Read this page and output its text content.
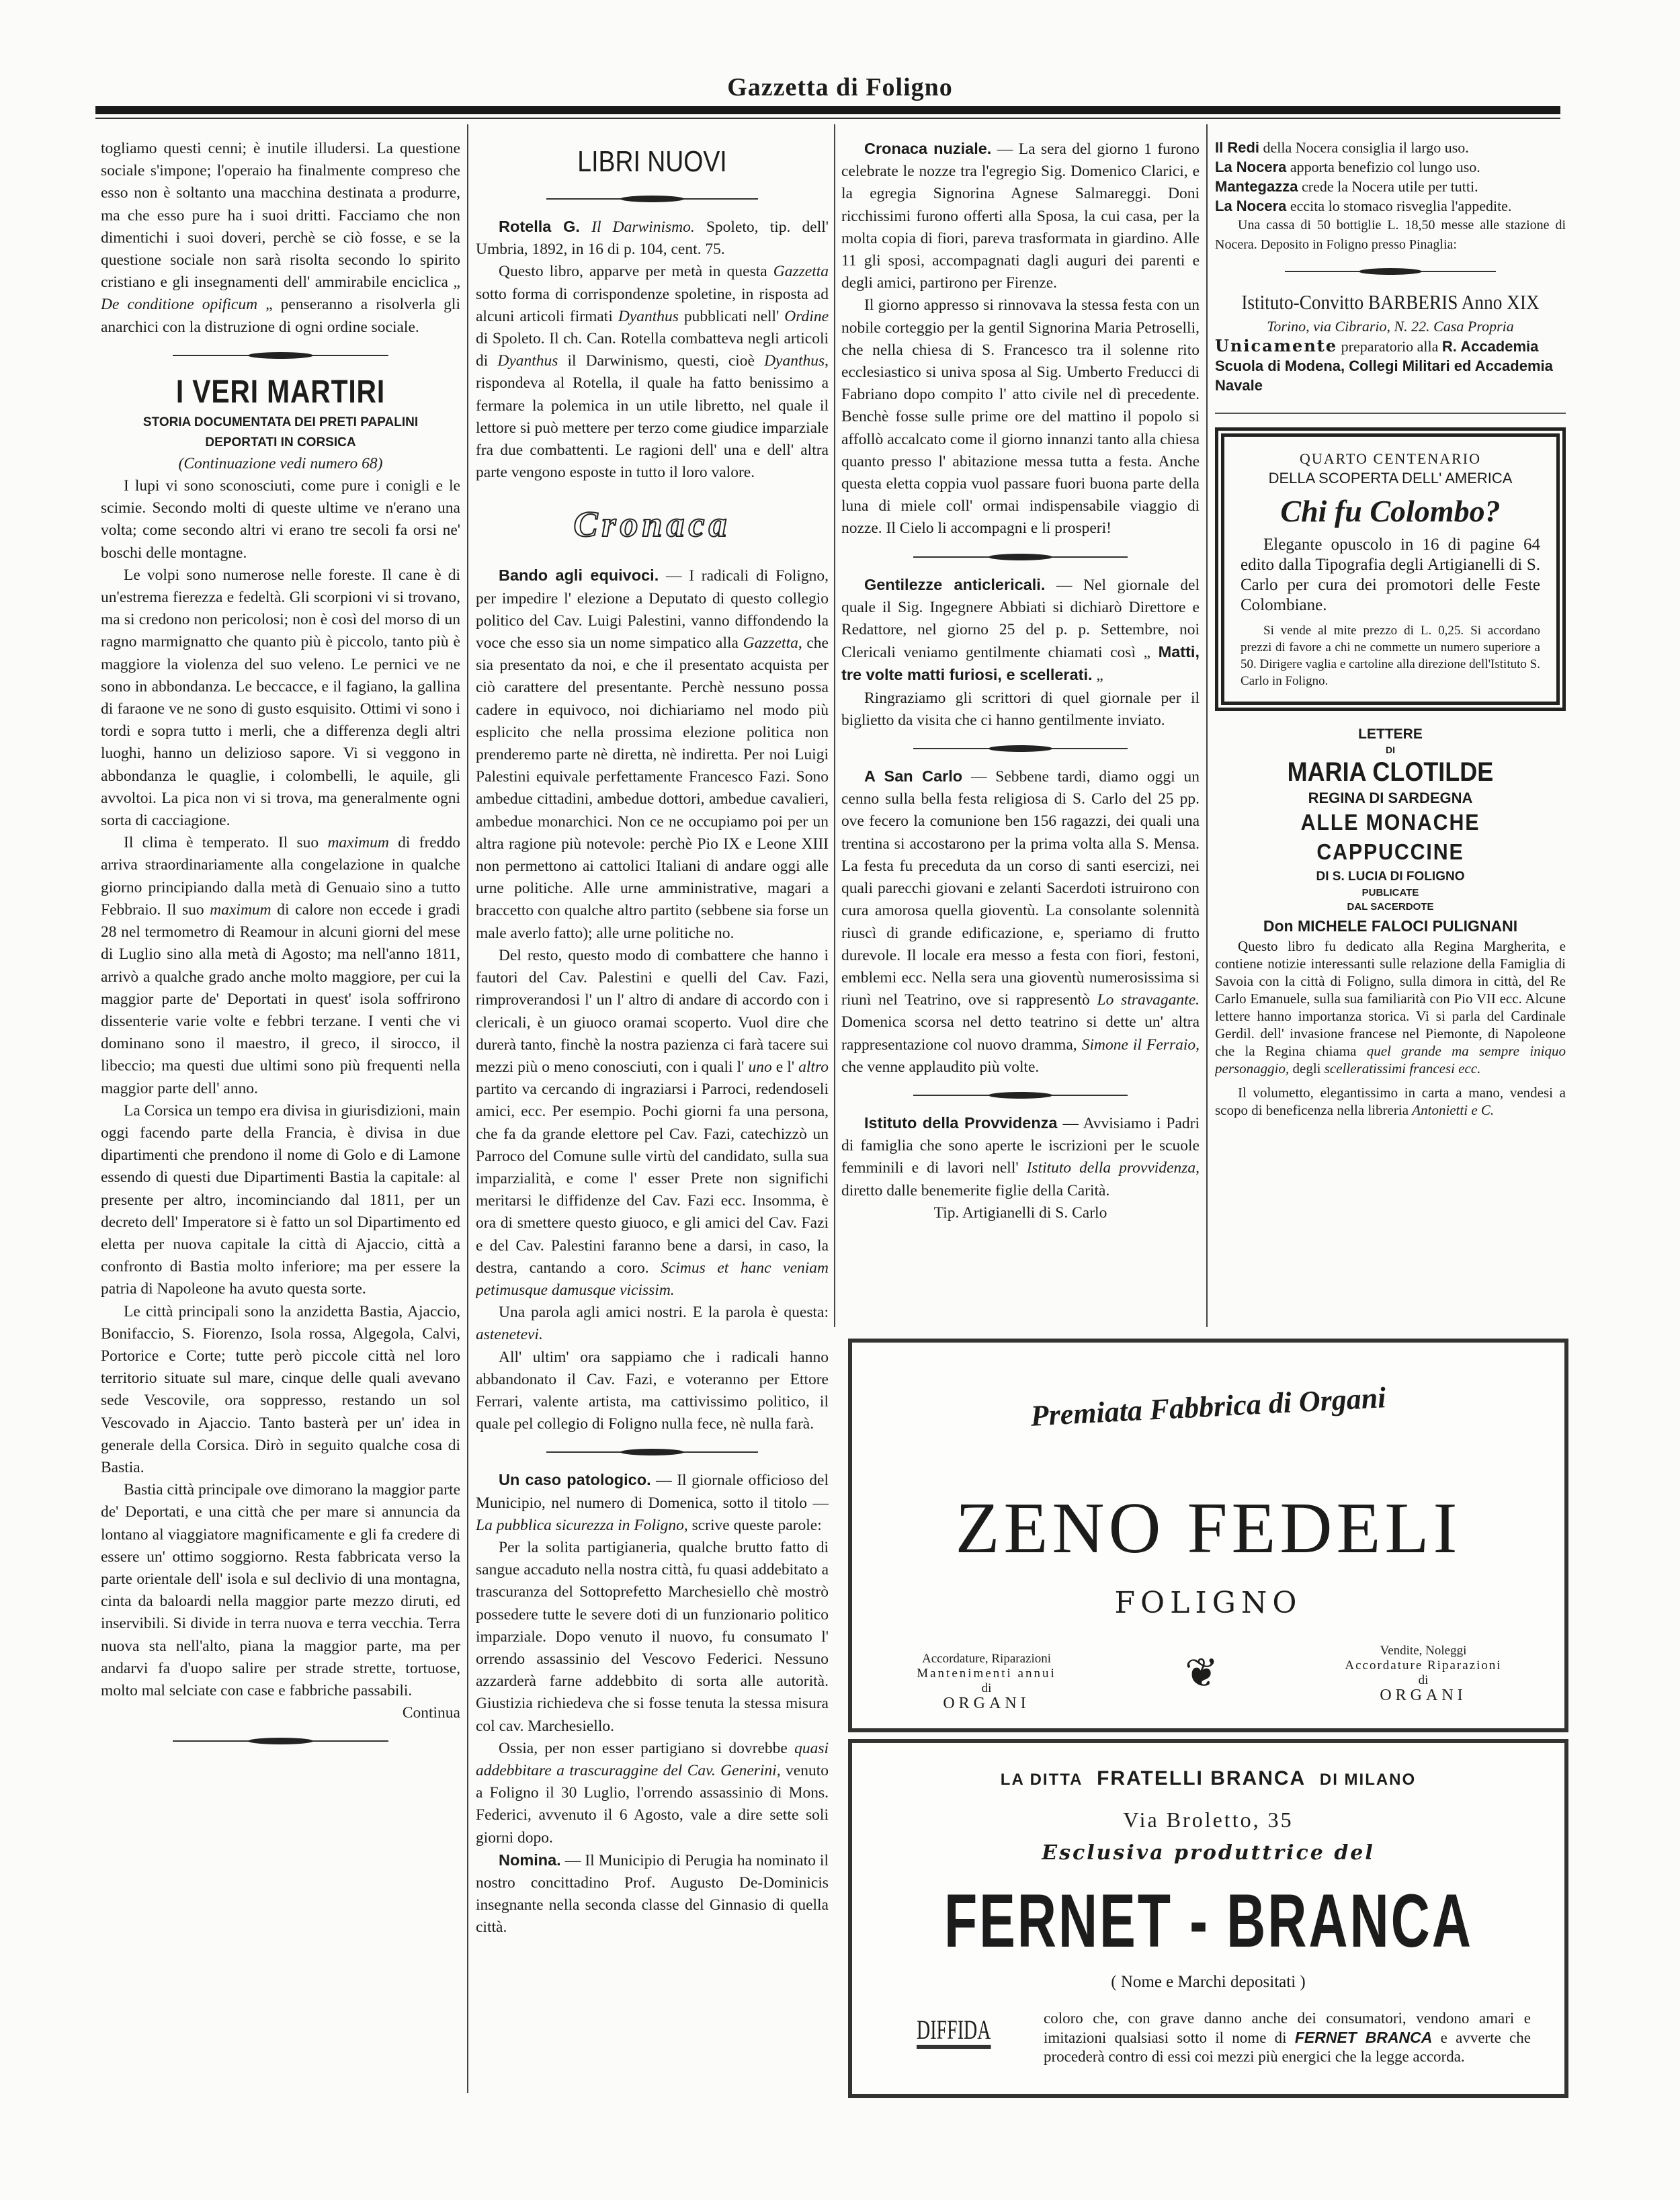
Gazzetta di Foligno

togliamo questi cenni; è inutile illudersi. La questione sociale s'impone; l'operaio ha finalmente compreso che esso non è soltanto una macchina destinata a produrre, ma che esso pure ha i suoi dritti. Facciamo che non dimentichi i suoi doveri, perchè se ciò fosse, e se la questione sociale non sarà risolta secondo lo spirito cristiano e gli insegnamenti dell' ammirabile enciclica „ De conditione opificum „ penseranno a risolverla gli anarchici con la distruzione di ogni ordine sociale.

I VERI MARTIRI
STORIA DOCUMENTATA DEI PRETI PAPALINI
DEPORTATI IN CORSICA
(Continuazione vedi numero 68)

I lupi vi sono sconosciuti, come pure i conigli e le scimie. Secondo molti di queste ultime ve n'erano una volta; come secondo altri vi erano tre secoli fa orsi ne' boschi delle montagne.

Le volpi sono numerose nelle foreste. Il cane è di un'estrema fierezza e fedeltà. Gli scorpioni vi si trovano, ma si credono non pericolosi; non è così del morso di un ragno marmignatto che quanto più è piccolo, tanto più è maggiore la violenza del suo veleno. Le pernici ve ne sono in abbondanza. Le beccacce, e il fagiano, la gallina di faraone ve ne sono di gusto esquisito. Ottimi vi sono i tordi e sopra tutto i merli, che a differenza degli altri luoghi, hanno un delizioso sapore. Vi si veggono in abbondanza le quaglie, i colombelli, le aquile, gli avvoltoi. La pica non vi si trova, ma generalmente ogni sorta di cacciagione.

Il clima è temperato. Il suo maximum di freddo arriva straordinariamente alla congelazione in qualche giorno principiando dalla metà di Genuaio sino a tutto Febbraio. Il suo maximum di calore non eccede i gradi 28 nel termometro di Reamour in alcuni giorni del mese di Luglio sino alla metà di Agosto; ma nell'anno 1811, arrivò a qualche grado anche molto maggiore, per cui la maggior parte de' Deportati in quest' isola soffrirono dissenterie varie volte e febbri terzane. I venti che vi dominano sono il maestro, il greco, il sirocco, il libeccio; ma questi due ultimi sono più frequenti nella maggior parte dell' anno.

La Corsica un tempo era divisa in giurisdizioni, main oggi facendo parte della Francia, è divisa in due dipartimenti che prendono il nome di Golo e di Lamone essendo di questi due Dipartimenti Bastia la capitale: al presente per altro, incominciando dal 1811, per un decreto dell' Imperatore si è fatto un sol Dipartimento ed eletta per nuova capitale la città di Ajaccio, città a confronto di Bastia molto inferiore; ma per essere la patria di Napoleone ha avuto questa sorte.

Le città principali sono la anzidetta Bastia, Ajaccio, Bonifaccio, S. Fiorenzo, Isola rossa, Algegola, Calvi, Portorice e Corte; tutte però piccole città nel loro territorio situate sul mare, cinque delle quali avevano sede Vescovile, ora soppresso, restando un sol Vescovado in Ajaccio. Tanto basterà per un' idea in generale della Corsica. Dirò in seguito qualche cosa di Bastia.

Bastia città principale ove dimorano la maggior parte de' Deportati, e una città che per mare si annuncia da lontano al viaggiatore magnificamente e gli fa credere di essere un' ottimo soggiorno. Resta fabbricata verso la parte orientale dell' isola e sul declivio di una montagna, cinta da baloardi nella maggior parte mezzo diruti, ed inservibili. Si divide in terra nuova e terra vecchia. Terra nuova sta nell'alto, piana la maggior parte, ma per andarvi fa d'uopo salire per strade strette, tortuose, molto mal selciate con case e fabbriche passabili.

Continua
LIBRI NUOVI

Rotella G. Il Darwinismo. Spoleto, tip. dell' Umbria, 1892, in 16 di p. 104, cent. 75.

Questo libro, apparve per metà in questa Gazzetta sotto forma di corrispondenze spoletine, in risposta ad alcuni articoli firmati Dyanthus pubblicati nell' Ordine di Spoleto. Il ch. Can. Rotella combatteva negli articoli di Dyanthus il Darwinismo, questi, cioè Dyanthus, rispondeva al Rotella, il quale ha fatto benissimo a fermare la polemica in un utile libretto, nel quale il lettore si può mettere per terzo come giudice imparziale fra due combattenti. Le ragioni dell' una e dell' altra parte vengono esposte in tutto il loro valore.

Cronaca

Bando agli equivoci. — I radicali di Foligno, per impedire l' elezione a Deputato di questo collegio politico del Cav. Luigi Palestini, vanno diffondendo la voce che esso sia un nome simpatico alla Gazzetta, che sia presentato da noi, e che il presentato acquista per ciò carattere del presentante. Perchè nessuno possa cadere in equivoco, noi dichiariamo nel modo più esplicito che nella prossima elezione politica non prenderemo parte nè diretta, nè indiretta. Per noi Luigi Palestini equivale perfettamente Francesco Fazi. Sono ambedue cittadini, ambedue dottori, ambedue cavalieri, ambedue monarchici. Non ce ne occupiamo poi per un altra ragione più notevole: perchè Pio IX e Leone XIII non permettono ai cattolici Italiani di andare oggi alle urne politiche. Alle urne amministrative, magari a braccetto con qualche altro partito (sebbene sia forse un male averlo fatto); alle urne politiche no.

Del resto, questo modo di combattere che hanno i fautori del Cav. Palestini e quelli del Cav. Fazi, rimproverandosi l' un l' altro di andare di accordo con i clericali, è un giuoco oramai scoperto. Vuol dire che durerà tanto, finchè la nostra pazienza ci farà tacere sui mezzi più o meno conosciuti, con i quali l' uno e l' altro partito va cercando di ingraziarsi i Parroci, redendoseli amici, ecc. Per esempio. Pochi giorni fa una persona, che fa da grande elettore pel Cav. Fazi, catechizzò un Parroco del Comune sulle virtù del candidato, sulla sua imparzialità, e come l' esser Prete non significhi meritarsi le diffidenze del Cav. Fazi ecc. Insomma, è ora di smettere questo giuoco, e gli amici del Cav. Fazi e del Cav. Palestini faranno bene a darsi, in caso, la destra, cantando a coro. Scimus et hanc veniam petimusque damusque vicissim.

Una parola agli amici nostri. E la parola è questa: astenetevi.

All' ultim' ora sappiamo che i radicali hanno abbandonato il Cav. Fazi, e voteranno per Ettore Ferrari, valente artista, ma cattivissimo politico, il quale pel collegio di Foligno nulla fece, nè nulla farà.

Un caso patologico. — Il giornale officioso del Municipio, nel numero di Domenica, sotto il titolo — La pubblica sicurezza in Foligno, scrive queste parole:

Per la solita partigianeria, qualche brutto fatto di sangue accaduto nella nostra città, fu quasi addebitato a trascuranza del Sottoprefetto Marchesiello chè mostrò possedere tutte le severe doti di un funzionario politico imparziale. Dopo venuto il nuovo, fu consumato l' orrendo assassinio del Vescovo Federici. Nessuno azzarderà farne addebbito di sorta alle autorità. Giustizia richiedeva che si fosse tenuta la stessa misura col cav. Marchesiello.

Ossia, per non esser partigiano si dovrebbe quasi addebbitare a trascuraggine del Cav. Generini, venuto a Foligno il 30 Luglio, l'orrendo assassinio di Mons. Federici, avvenuto il 6 Agosto, vale a dire sette soli giorni dopo.

Nomina. — Il Municipio di Perugia ha nominato il nostro concittadino Prof. Augusto De-Dominicis insegnante nella seconda classe del Ginnasio di quella città.

Cronaca nuziale. — La sera del giorno 1 furono celebrate le nozze tra l'egregio Sig. Domenico Clarici, e la egregia Signorina Agnese Salmareggi. Doni ricchissimi furono offerti alla Sposa, la cui casa, per la molta copia di fiori, pareva trasformata in giardino. Alle 11 gli sposi, accompagnati dagli auguri dei parenti e degli amici, partirono per Firenze.

Il giorno appresso si rinnovava la stessa festa con un nobile corteggio per la gentil Signorina Maria Petroselli, che nella chiesa di S. Francesco tra il solenne rito ecclesiastico si univa sposa al Sig. Umberto Freducci di Fabriano dopo compito l' atto civile nel dì precedente. Benchè fosse sulle prime ore del mattino il popolo si affollò accalcato come il giorno innanzi tanto alla chiesa quanto presso l' abitazione messa tutta a festa. Anche questa eletta coppia vuol passare fuori buona parte della luna di miele coll' ormai indispensabile viaggio di nozze. Il Cielo li accompagni e li prosperi!

Gentilezze anticlericali. — Nel giornale del quale il Sig. Ingegnere Abbiati si dichiarò Direttore e Redattore, nel giorno 25 del p. p. Settembre, noi Clericali veniamo gentilmente chiamati così „ Matti, tre volte matti furiosi, e scellerati. „

Ringraziamo gli scrittori di quel giornale per il biglietto da visita che ci hanno gentilmente inviato.

A San Carlo — Sebbene tardi, diamo oggi un cenno sulla bella festa religiosa di S. Carlo del 25 pp. ove fecero la comunione ben 156 ragazzi, dei quali una trentina si accostarono per la prima volta alla S. Mensa. La festa fu preceduta da un corso di santi esercizi, nei quali parecchi giovani e zelanti Sacerdoti istruirono con cura amorosa quella gioventù. La consolante solennità riuscì di grande edificazione, e, speriamo di frutto durevole. Il locale era messo a festa con fiori, festoni, emblemi ecc. Nella sera una gioventù numerosissima si riunì nel Teatrino, ove si rappresentò Lo stravagante. Domenica scorsa nel detto teatrino si dette un' altra rappresentazione col nuovo dramma, Simone il Ferraio, che venne applaudito più volte.

Istituto della Provvidenza — Avvisiamo i Padri di famiglia che sono aperte le iscrizioni per le scuole femminili e di lavori nell' Istituto della provvidenza, diretto dalle benemerite figlie della Carità.

Tip. Artigianelli di S. Carlo

Il Redi della Nocera consiglia il largo uso.

La Nocera apporta benefizio col lungo uso.

Mantegazza crede la Nocera utile per tutti.

La Nocera eccita lo stomaco risveglia l'appedite.

Una cassa di 50 bottiglie L. 18,50 messe alle stazione di Nocera. Deposito in Foligno presso Pinaglia:

Istituto-Convitto BARBERIS Anno XIX
Torino, via Cibrario, N. 22. Casa Propria
Unicamente preparatorio alla R. Accademia Scuola di Modena, Collegi Militari ed Accademia Navale
QUARTO CENTENARIO
DELLA SCOPERTA DELL' AMERICA
Chi fu Colombo?

Elegante opuscolo in 16 di pagine 64 edito dalla Tipografia degli Artigianelli di S. Carlo per cura dei promotori delle Feste Colombiane.

Si vende al mite prezzo di L. 0,25. Si accordano prezzi di favore a chi ne commette un numero superiore a 50. Dirigere vaglia e cartoline alla direzione dell'Istituto S. Carlo in Foligno.

LETTERE
DI
MARIA CLOTILDE
REGINA DI SARDEGNA
ALLE MONACHE CAPPUCCINE
DI S. LUCIA DI FOLIGNO
PUBLICATE
DAL SACERDOTE
Don MICHELE FALOCI PULIGNANI

Questo libro fu dedicato alla Regina Margherita, e contiene notizie interessanti sulle relazione della Famiglia di Savoia con la città di Foligno, sulla dimora in città, del Re Carlo Emanuele, sulla sua familiarità con Pio VII ecc. Alcune lettere hanno importanza storica. Vi si parla del Cardinale Gerdil. dell' invasione francese nel Piemonte, di Napoleone che la Regina chiama quel grande ma sempre iniquo personaggio, degli scelleratissimi francesi ecc.

Il volumetto, elegantissimo in carta a mano, vendesi a scopo di beneficenza nella libreria Antonietti e C.

Premiata Fabbrica di Organi
ZENO FEDELI
FOLIGNO
Accordature, Riparazioni
Mantenimenti annui
di
ORGANI
❦
Vendite, Noleggi
Accordature Riparazioni
di
ORGANI
LA DITTA FRATELLI BRANCA DI MILANO
Via Broletto, 35
Esclusiva produttrice del
FERNET - BRANCA
( Nome e Marchi depositati )
DIFFIDA	coloro che, con grave danno anche dei consumatori, vendono amari e imitazioni qualsiasi sotto il nome di FERNET BRANCA e avverte che procederà contro di essi coi mezzi più energici che la legge accorda.
